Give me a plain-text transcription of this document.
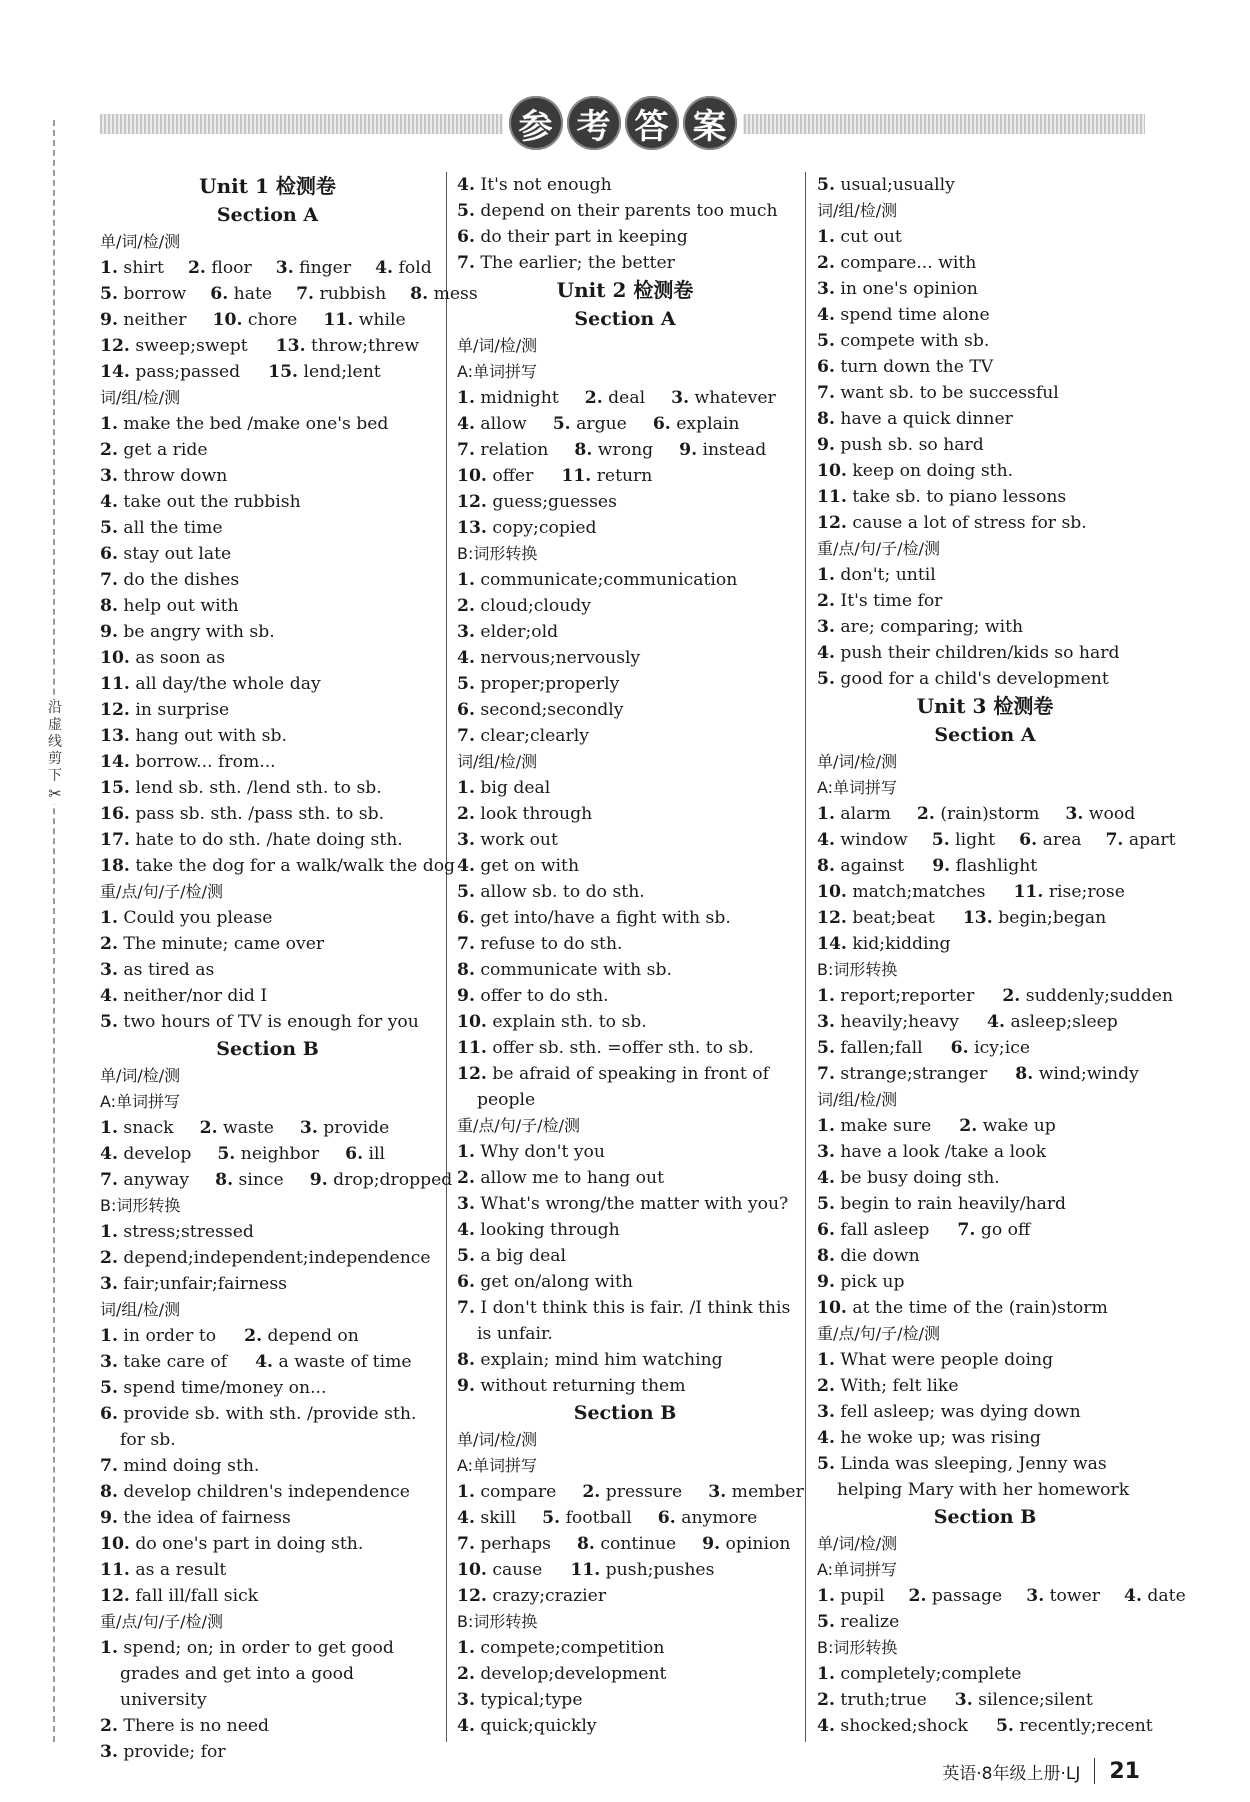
沿虚线剪下
✂
参 考 答 案
Unit 1 检测卷
Section A
单/词/检/测
1. shirt 2. floor 3. finger 4. fold
5. borrow 6. hate 7. rubbish 8. mess
9. neither 10. chore 11. while
12. sweep;swept 13. throw;threw
14. pass;passed 15. lend;lent
词/组/检/测
1. make the bed /make one's bed
2. get a ride
3. throw down
4. take out the rubbish
5. all the time
6. stay out late
7. do the dishes
8. help out with
9. be angry with sb.
10. as soon as
11. all day/the whole day
12. in surprise
13. hang out with sb.
14. borrow... from...
15. lend sb. sth. /lend sth. to sb.
16. pass sb. sth. /pass sth. to sb.
17. hate to do sth. /hate doing sth.
18. take the dog for a walk/walk the dog
重/点/句/子/检/测
1. Could you please
2. The minute; came over
3. as tired as
4. neither/nor did I
5. two hours of TV is enough for you
Section B
单/词/检/测
A:单词拼写
1. snack 2. waste 3. provide
4. develop 5. neighbor 6. ill
7. anyway 8. since 9. drop;dropped
B:词形转换
1. stress;stressed
2. depend;independent;independence
3. fair;unfair;fairness
词/组/检/测
1. in order to 2. depend on
3. take care of 4. a waste of time
5. spend time/money on...
6. provide sb. with sth. /provide sth. for sb.
7. mind doing sth.
8. develop children's independence
9. the idea of fairness
10. do one's part in doing sth.
11. as a result
12. fall ill/fall sick
重/点/句/子/检/测
1. spend; on; in order to get good grades and get into a good university
2. There is no need
3. provide; for
4. It's not enough
5. depend on their parents too much
6. do their part in keeping
7. The earlier; the better
Unit 2 检测卷
Section A
单/词/检/测
A:单词拼写
1. midnight 2. deal 3. whatever
4. allow 5. argue 6. explain
7. relation 8. wrong 9. instead
10. offer 11. return
12. guess;guesses
13. copy;copied
B:词形转换
1. communicate;communication
2. cloud;cloudy
3. elder;old
4. nervous;nervously
5. proper;properly
6. second;secondly
7. clear;clearly
词/组/检/测
1. big deal
2. look through
3. work out
4. get on with
5. allow sb. to do sth.
6. get into/have a fight with sb.
7. refuse to do sth.
8. communicate with sb.
9. offer to do sth.
10. explain sth. to sb.
11. offer sb. sth. =offer sth. to sb.
12. be afraid of speaking in front of people
重/点/句/子/检/测
1. Why don't you
2. allow me to hang out
3. What's wrong/the matter with you?
4. looking through
5. a big deal
6. get on/along with
7. I don't think this is fair. /I think this is unfair.
8. explain; mind him watching
9. without returning them
Section B
单/词/检/测
A:单词拼写
1. compare 2. pressure 3. member
4. skill 5. football 6. anymore
7. perhaps 8. continue 9. opinion
10. cause 11. push;pushes
12. crazy;crazier
B:词形转换
1. compete;competition
2. develop;development
3. typical;type
4. quick;quickly
5. usual;usually
词/组/检/测
1. cut out
2. compare... with
3. in one's opinion
4. spend time alone
5. compete with sb.
6. turn down the TV
7. want sb. to be successful
8. have a quick dinner
9. push sb. so hard
10. keep on doing sth.
11. take sb. to piano lessons
12. cause a lot of stress for sb.
重/点/句/子/检/测
1. don't; until
2. It's time for
3. are; comparing; with
4. push their children/kids so hard
5. good for a child's development
Unit 3 检测卷
Section A
单/词/检/测
A:单词拼写
1. alarm 2. (rain)storm 3. wood
4. window 5. light 6. area 7. apart
8. against 9. flashlight
10. match;matches 11. rise;rose
12. beat;beat 13. begin;began
14. kid;kidding
B:词形转换
1. report;reporter 2. suddenly;sudden
3. heavily;heavy 4. asleep;sleep
5. fallen;fall 6. icy;ice
7. strange;stranger 8. wind;windy
词/组/检/测
1. make sure 2. wake up
3. have a look /take a look
4. be busy doing sth.
5. begin to rain heavily/hard
6. fall asleep 7. go off
8. die down
9. pick up
10. at the time of the (rain)storm
重/点/句/子/检/测
1. What were people doing
2. With; felt like
3. fell asleep; was dying down
4. he woke up; was rising
5. Linda was sleeping, Jenny was helping Mary with her homework
Section B
单/词/检/测
A:单词拼写
1. pupil 2. passage 3. tower 4. date
5. realize
B:词形转换
1. completely;complete
2. truth;true 3. silence;silent
4. shocked;shock 5. recently;recent
英语·8年级上册·LJ 21
